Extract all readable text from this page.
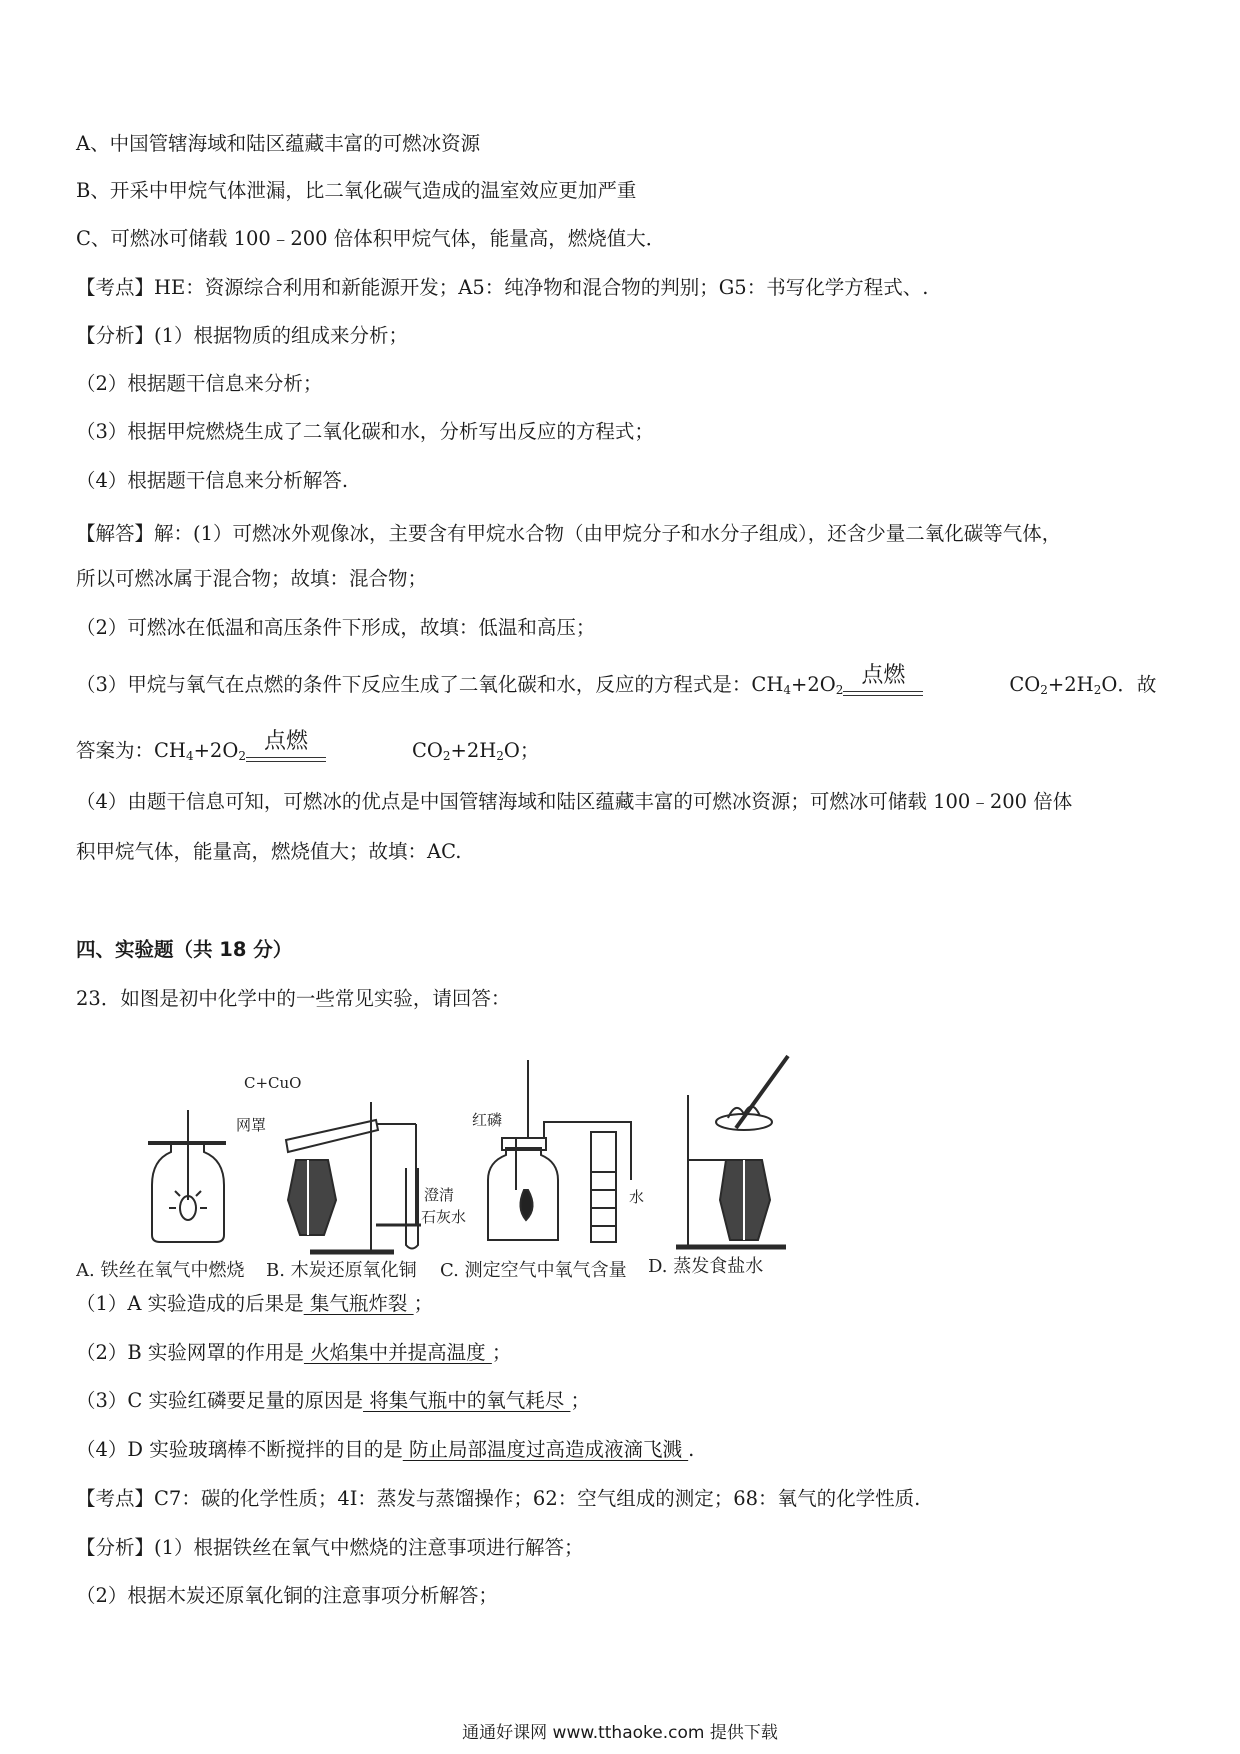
A、中国管辖海域和陆区蕴藏丰富的可燃冰资源
B、开采中甲烷气体泄漏，比二氧化碳气造成的温室效应更加严重
C、可燃冰可储载 100﹣200 倍体积甲烷气体，能量高，燃烧值大．
【考点】HE：资源综合利用和新能源开发；A5：纯净物和混合物的判别；G5：书写化学方程式、.
【分析】(1）根据物质的组成来分析；
（2）根据题干信息来分析；
（3）根据甲烷燃烧生成了二氧化碳和水，分析写出反应的方程式；
（4）根据题干信息来分析解答.
【解答】解：(1）可燃冰外观像冰，主要含有甲烷水合物（由甲烷分子和水分子组成），还含少量二氧化碳等气体，
所以可燃冰属于混合物；故填：混合物；
（2）可燃冰在低温和高压条件下形成，故填：低温和高压；
（3）甲烷与氧气在点燃的条件下反应生成了二氧化碳和水，反应的方程式是：$CH_4+2O_2$
点燃	$CO_2+2H_2O$．故
答案为：$CH_4+2O_2$
点燃	$CO_2+2H_2O$；
（4）由题干信息可知，可燃冰的优点是中国管辖海域和陆区蕴藏丰富的可燃冰资源；可燃冰可储载 100﹣200 倍体
积甲烷气体，能量高，燃烧值大；故填：AC.
四、实验题（共 18 分）
23．如图是初中化学中的一些常见实验，请回答：
C+CuO
网罩
澄清
石灰水
红磷
水
A. 铁丝在氧气中燃烧 B. 木炭还原氧化铜 C. 测定空气中氧气含量 D. 蒸发食盐水
（1）A 实验造成的后果是 集气瓶炸裂 ；
（2）B 实验网罩的作用是 火焰集中并提高温度 ；
（3）C 实验红磷要足量的原因是 将集气瓶中的氧气耗尽 ；
（4）D 实验玻璃棒不断搅拌的目的是 防止局部温度过高造成液滴飞溅 .
【考点】C7：碳的化学性质；4I：蒸发与蒸馏操作；62：空气组成的测定；68：氧气的化学性质.
【分析】(1）根据铁丝在氧气中燃烧的注意事项进行解答；
（2）根据木炭还原氧化铜的注意事项分析解答；
通通好课网 www.tthaoke.com 提供下载
